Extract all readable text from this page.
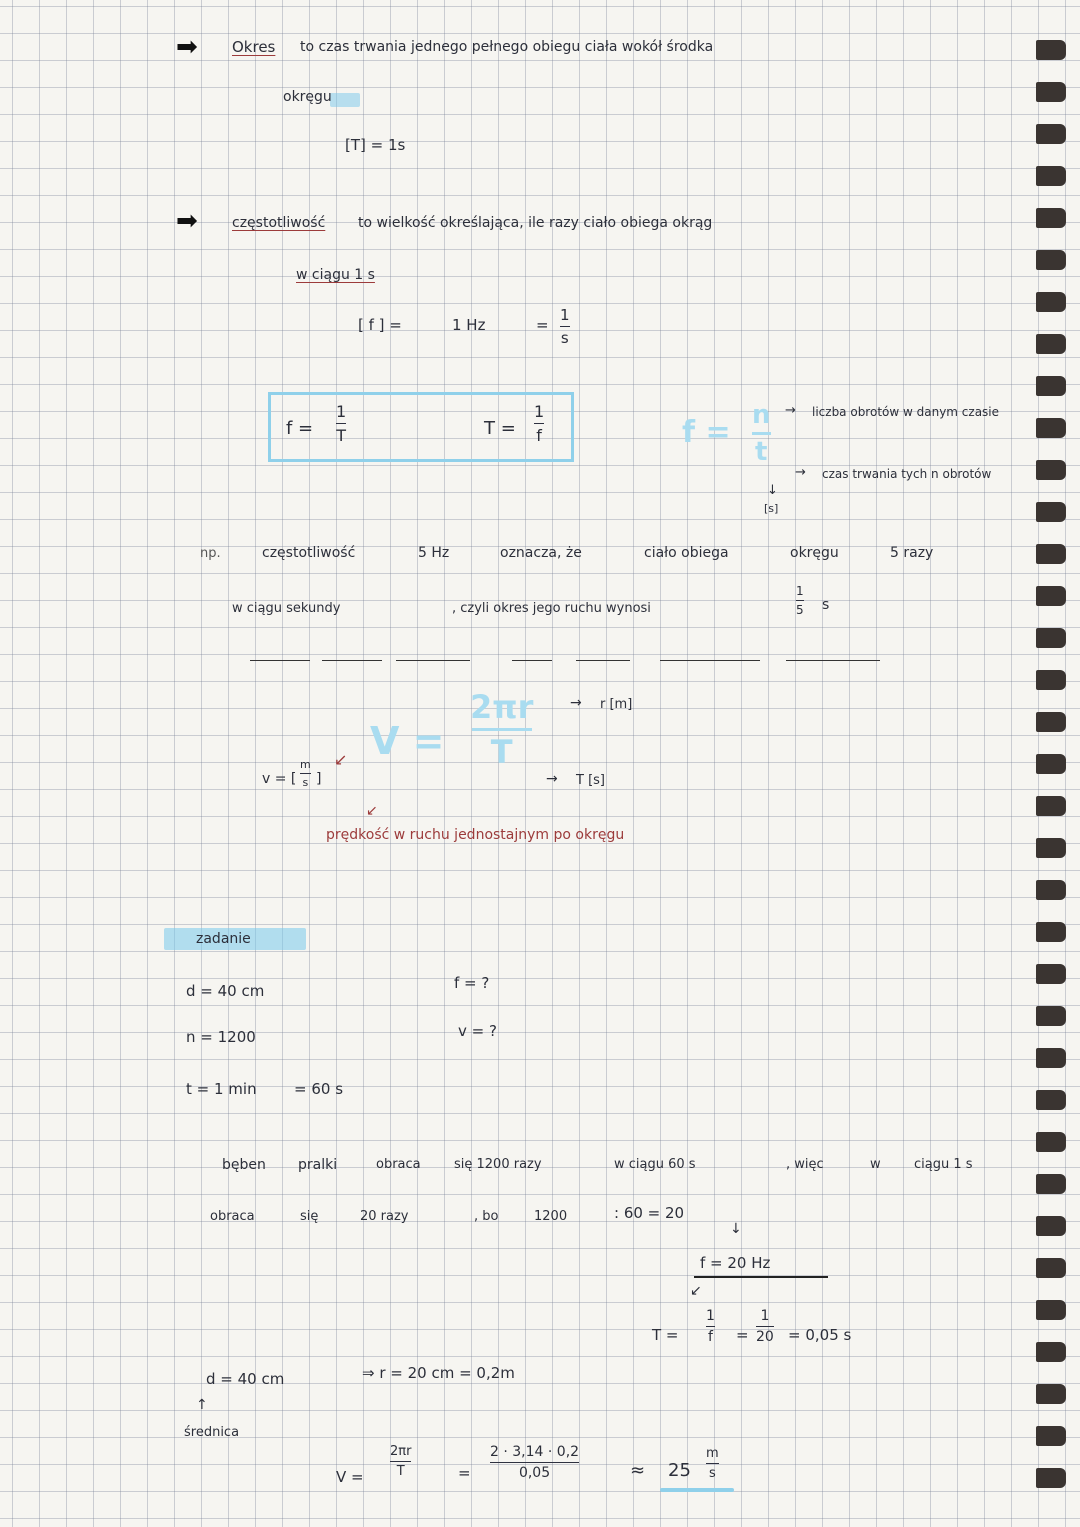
➡ Okres to czas trwania jednego pełnego obiegu ciała wokół środka
okręgu
[T] = 1s
➡ częstotliwość to wielkość określająca, ile razy ciało obiega okrąg
w ciągu 1 s
[ f ] =	1 Hz	=
1
s
f =
1
T	T =
1
f	f = n
t
→ liczba obrotów w danym czasie
→ czas trwania tych n obrotów
↓
[s]
np.	częstotliwość	5 Hz	oznacza, że	ciało obiega	okręgu	5 razy
w ciągu sekundy	, czyli okres jego ruchu wynosi
1
5 s
V =
2πr
T
→ r [m]
→ T [s]
↙
v = [
m
s ]
↙
prędkość w ruchu jednostajnym po okręgu
zadanie
d = 40 cm
n = 1200
t = 1 min = 60 s
f = ?
v = ?
bęben pralki	obraca	się 1200 razy	w ciągu 60 s	, więc	w	ciągu 1 s
obraca	się	20 razy	, bo	1200	: 60 = 20
↓
f = 20 Hz
↙
T =
1
f =
1
20 = 0,05 s
d = 40 cm
↑
średnica
⇒ r = 20 cm = 0,2m
V =
2πr
T	=
2 · 3,14 · 0,2
0,05	≈ 25
m
s
